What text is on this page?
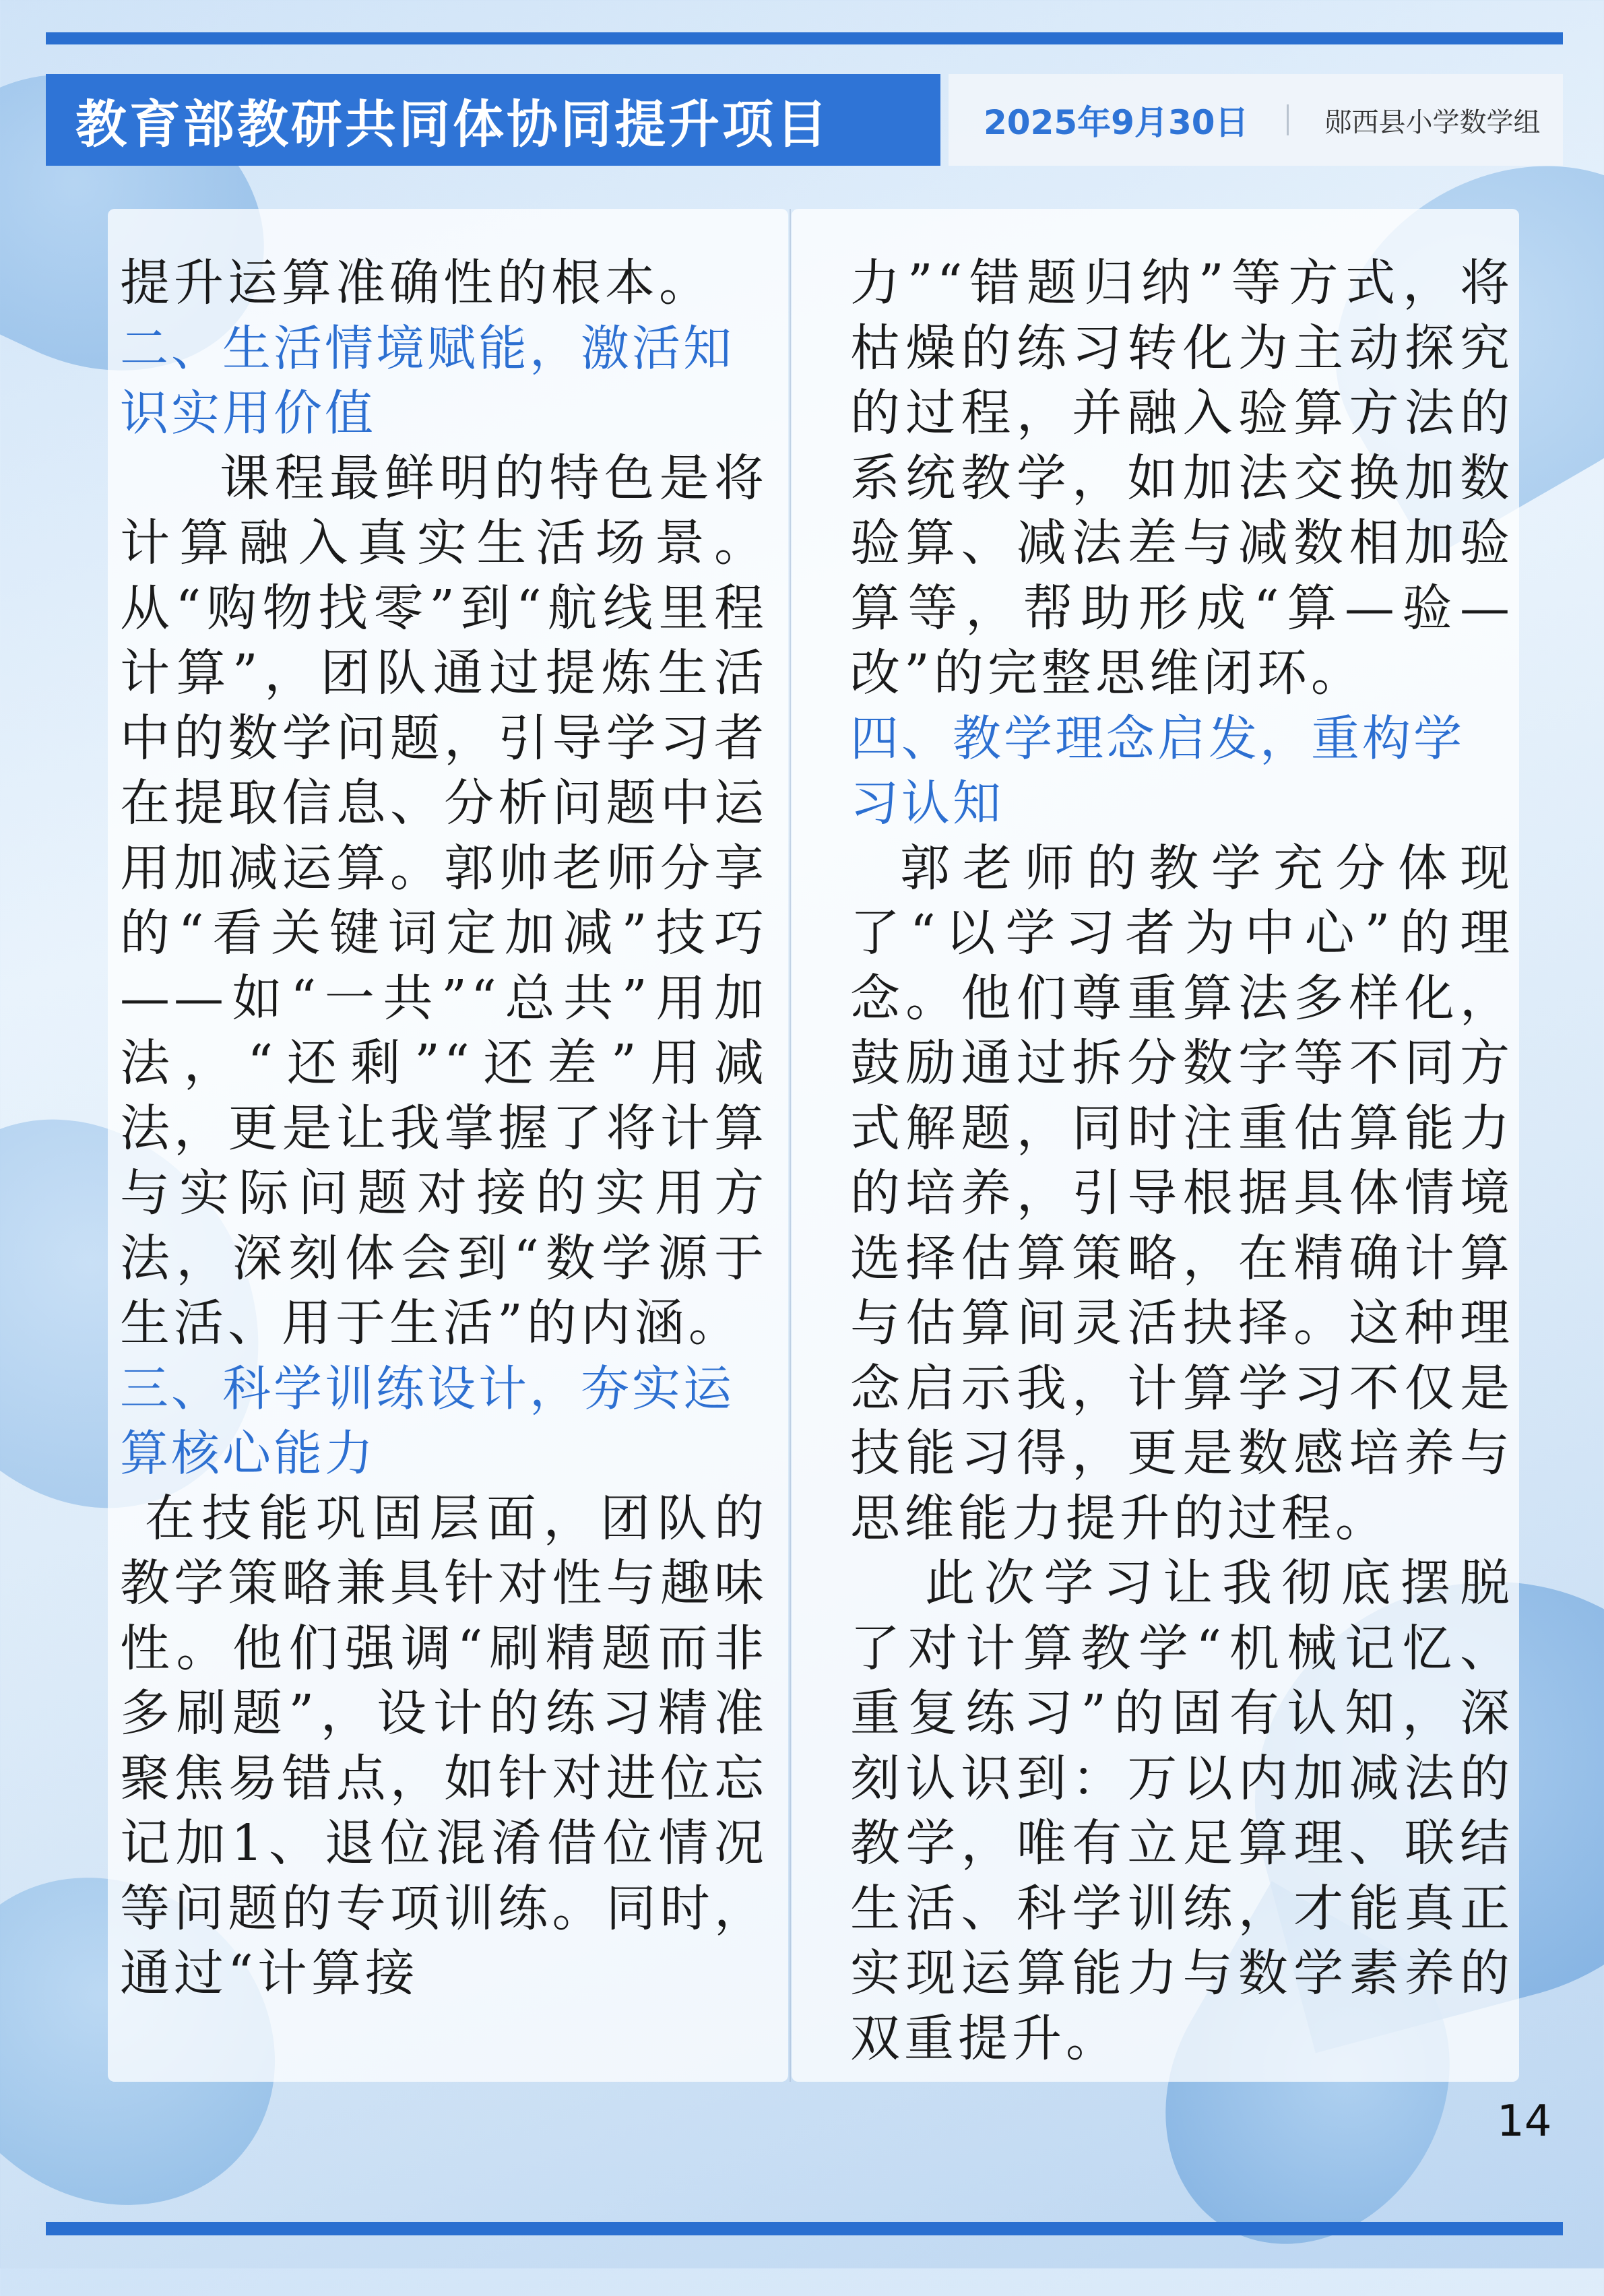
教育部教研共同体协同提升项目	2025年9月30日	郧西县小学数学组

提升运算准确性的根本。

二、生活情境赋能，激活知识实用价值

课程最鲜明的特色是将计算融入真实生活场景。从“购物找零”到“航线里程计算”，团队通过提炼生活中的数学问题，引导学习者在提取信息、分析问题中运用加减运算。郭帅老师分享的“看关键词定加减”技巧——如“一共”“总共”用加法，“还剩”“还差”用减法，更是让我掌握了将计算与实际问题对接的实用方法，深刻体会到“数学源于生活、用于生活”的内涵。

三、科学训练设计，夯实运算核心能力

在技能巩固层面，团队的教学策略兼具针对性与趣味性。他们强调“刷精题而非多刷题”，设计的练习精准聚焦易错点，如针对进位忘记加1、退位混淆借位情况等问题的专项训练。同时，通过“计算接

力”“错题归纳”等方式，将枯燥的练习转化为主动探究的过程，并融入验算方法的系统教学，如加法交换加数验算、减法差与减数相加验算等，帮助形成“算—验—改”的完整思维闭环。

四、教学理念启发，重构学习认知

郭老师的教学充分体现了“以学习者为中心”的理念。他们尊重算法多样化，鼓励通过拆分数字等不同方式解题，同时注重估算能力的培养，引导根据具体情境选择估算策略，在精确计算与估算间灵活抉择。这种理念启示我，计算学习不仅是技能习得，更是数感培养与思维能力提升的过程。

此次学习让我彻底摆脱了对计算教学“机械记忆、重复练习”的固有认知，深刻认识到：万以内加减法的教学，唯有立足算理、联结生活、科学训练，才能真正实现运算能力与数学素养的双重提升。

14
